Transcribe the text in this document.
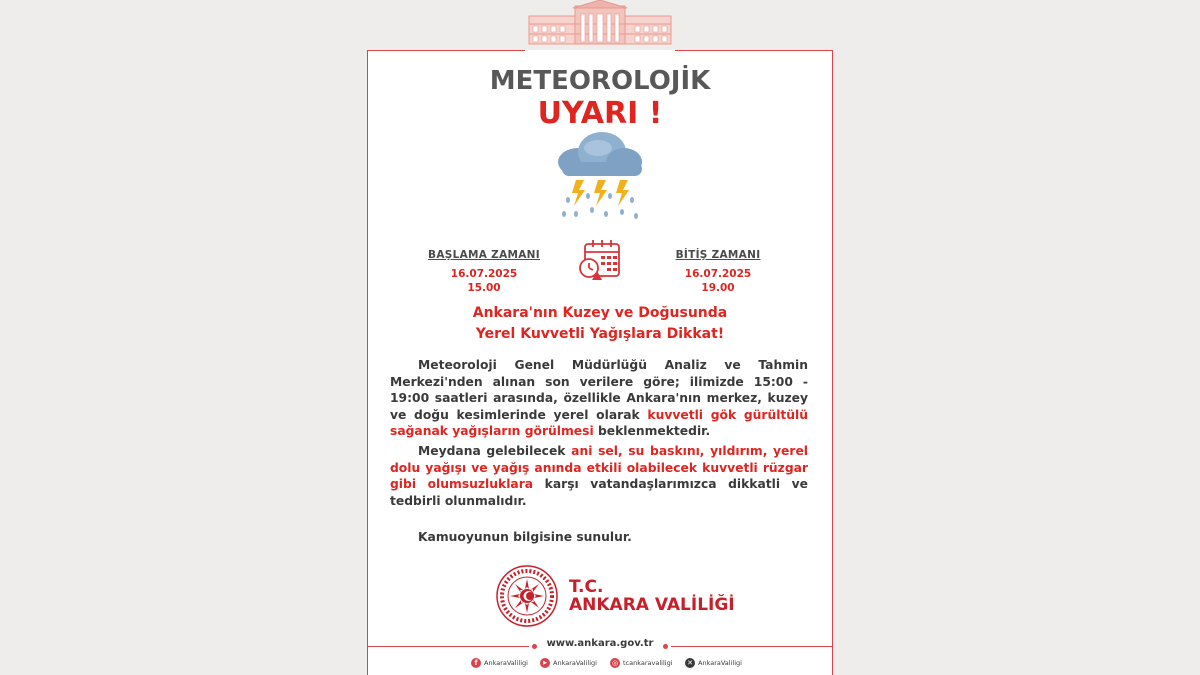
METEOROLOJİK
UYARI !
BAŞLAMA ZAMANI
16.07.2025
15.00
BİTİŞ ZAMANI
16.07.2025
19.00
Ankara'nın Kuzey ve Doğusunda
Yerel Kuvvetli Yağışlara Dikkat!
Meteoroloji Genel Müdürlüğü Analiz ve Tahmin Merkezi'nden alınan son verilere göre; ilimizde 15:00 - 19:00 saatleri arasında, özellikle Ankara'nın merkez, kuzey ve doğu kesimlerinde yerel olarak kuvvetli gök gürültülü sağanak yağışların görülmesi beklenmektedir.
Meydana gelebilecek ani sel, su baskını, yıldırım, yerel dolu yağışı ve yağış anında etkili olabilecek kuvvetli rüzgar gibi olumsuzluklara karşı vatandaşlarımızca dikkatli ve tedbirli olunmalıdır.
Kamuoyunun bilgisine sunulur.
T.C.
ANKARA VALİLİĞİ
www.ankara.gov.tr
f AnkaraValiligi	▶ AnkaraValiligi ◎ tcankaravaliligi ✕ AnkaraValiligi
